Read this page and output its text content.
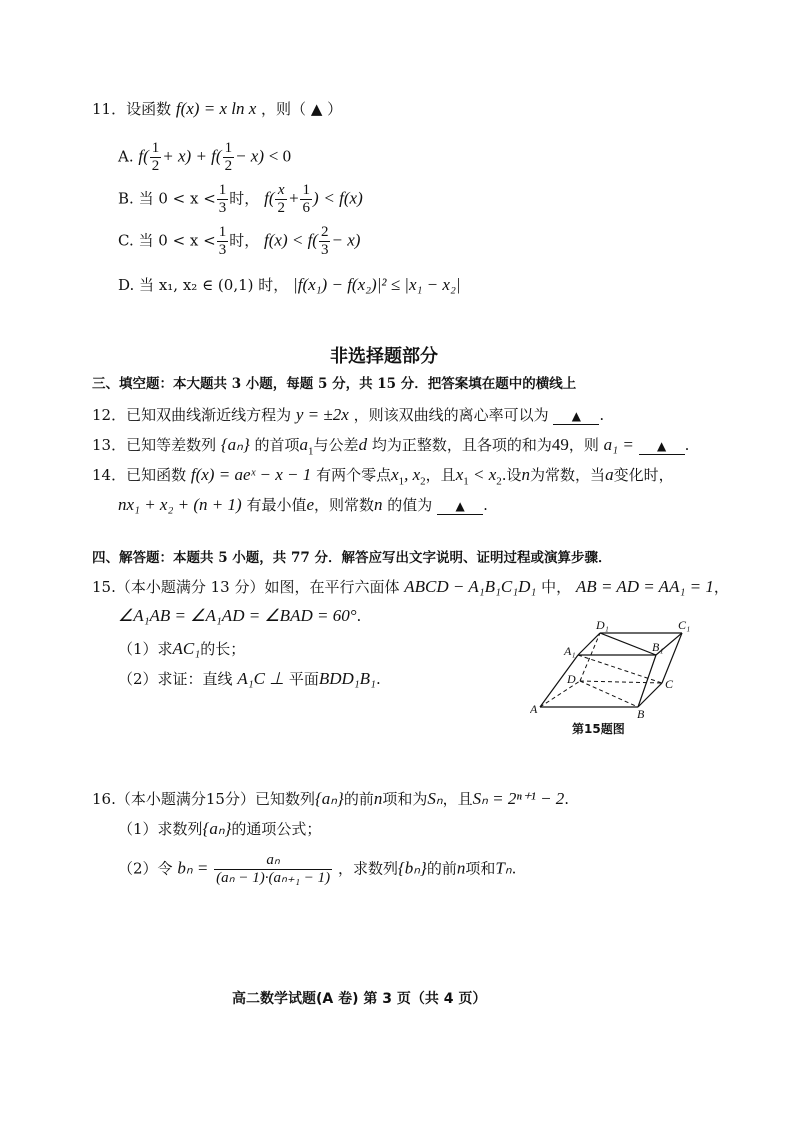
11．设函数 f(x) = x ln x ，则（ ▲ ）
A. $f( \frac{1}{2} + x) + f( \frac{1}{2} - x) < 0$
B. 当 $0 < x < \frac{1}{3}$ 时， $f( \frac{x}{2} + \frac{1}{6}$ ) < f(x)
C. 当 $0 < x < \frac{1}{3}$ 时， $f(x) < f( \frac{2}{3} - x)$
D. 当 x₁, x₂ ∈ (0,1) 时， |f(x₁) − f(x₂)|² ≤ |x₁ − x₂|
非选择题部分
三、填空题：本大题共 3 小题，每题 5 分，共 15 分．把答案填在题中的横线上
12．已知双曲线渐近线方程为 y = ±2x ，则该双曲线的离心率可以为 ▲ .
13．已知等差数列 {aₙ} 的首项$a_1$与公差d 均为正整数，且各项的和为49，则 a₁ = ▲ .
14．已知函数 f(x) = aeˣ − x − 1 有两个零点$x_1$, $x_2$，且$x_1 < x_2$.设n为常数，当a变化时，
nx₁ + x₂ + (n + 1) 有最小值e，则常数n 的值为 ▲ .
四、解答题：本题共 5 小题，共 77 分．解答应写出文字说明、证明过程或演算步骤．
15.（本小题满分 13 分）如图，在平行六面体 ABCD − A₁B₁C₁D₁ 中， AB = AD = AA₁ = 1，
∠A₁AB = ∠A₁AD = ∠BAD = 60°.
（1）求AC₁的长；
（2）求证：直线 A₁C ⊥ 平面BDD₁B₁.
A	B
C
D
A₁	B₁
C₁
D₁
第15题图
16.（本小题满分15分）已知数列{aₙ}的前n项和为Sₙ，且Sₙ = 2ⁿ⁺¹ − 2.
（1）求数列{aₙ}的通项公式；
（2）令 $b_n = \frac{\text{aₙ}}{\text{(aₙ − 1)·(aₙ₊₁ − 1)}}$ ，求数列{bₙ}的前n项和Tₙ.
高二数学试题(A 卷) 第 3 页（共 4 页）
